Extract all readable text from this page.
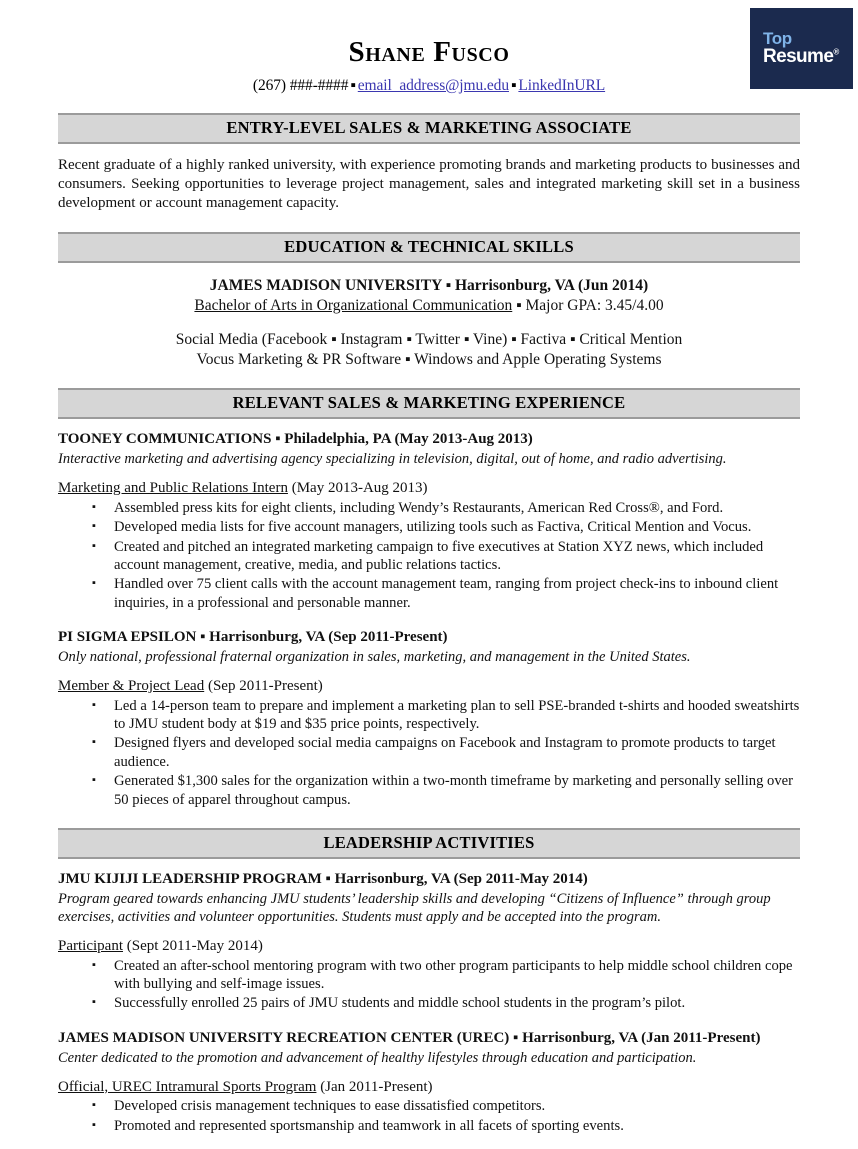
Top
Resume®
Shane Fusco
(267) ###-#### ▪ email_address@jmu.edu ▪ LinkedInURL
ENTRY-LEVEL SALES & MARKETING ASSOCIATE

Recent graduate of a highly ranked university, with experience promoting brands and marketing products to businesses and consumers. Seeking opportunities to leverage project management, sales and integrated marketing skill set in a business development or account management capacity.

EDUCATION & TECHNICAL SKILLS
JAMES MADISON UNIVERSITY ▪ Harrisonburg, VA (Jun 2014)
Bachelor of Arts in Organizational Communication ▪ Major GPA: 3.45/4.00
Social Media (Facebook ▪ Instagram ▪ Twitter ▪ Vine) ▪ Factiva ▪ Critical Mention
Vocus Marketing & PR Software ▪ Windows and Apple Operating Systems
RELEVANT SALES & MARKETING EXPERIENCE
TOONEY COMMUNICATIONS ▪ Philadelphia, PA (May 2013-Aug 2013)
Interactive marketing and advertising agency specializing in television, digital, out of home, and radio advertising.
Marketing and Public Relations Intern (May 2013-Aug 2013)
▪ Assembled press kits for eight clients, including Wendy’s Restaurants, American Red Cross®, and Ford.
▪ Developed media lists for five account managers, utilizing tools such as Factiva, Critical Mention and Vocus.
▪ Created and pitched an integrated marketing campaign to five executives at Station XYZ news, which included account management, creative, media, and public relations tactics.
▪ Handled over 75 client calls with the account management team, ranging from project check-ins to inbound client inquiries, in a professional and personable manner.
PI SIGMA EPSILON ▪ Harrisonburg, VA (Sep 2011-Present)
Only national, professional fraternal organization in sales, marketing, and management in the United States.
Member & Project Lead (Sep 2011-Present)
▪ Led a 14-person team to prepare and implement a marketing plan to sell PSE-branded t-shirts and hooded sweatshirts to JMU student body at $19 and $35 price points, respectively.
▪ Designed flyers and developed social media campaigns on Facebook and Instagram to promote products to target audience.
▪ Generated $1,300 sales for the organization within a two-month timeframe by marketing and personally selling over 50 pieces of apparel throughout campus.
LEADERSHIP ACTIVITIES
JMU KIJIJI LEADERSHIP PROGRAM ▪ Harrisonburg, VA (Sep 2011-May 2014)
Program geared towards enhancing JMU students’ leadership skills and developing “Citizens of Influence” through group exercises, activities and volunteer opportunities. Students must apply and be accepted into the program.
Participant (Sept 2011-May 2014)
▪ Created an after-school mentoring program with two other program participants to help middle school children cope with bullying and self-image issues.
▪ Successfully enrolled 25 pairs of JMU students and middle school students in the program’s pilot.
JAMES MADISON UNIVERSITY RECREATION CENTER (UREC) ▪ Harrisonburg, VA (Jan 2011-Present)
Center dedicated to the promotion and advancement of healthy lifestyles through education and participation.
Official, UREC Intramural Sports Program (Jan 2011-Present)
▪ Developed crisis management techniques to ease dissatisfied competitors.
▪ Promoted and represented sportsmanship and teamwork in all facets of sporting events.
